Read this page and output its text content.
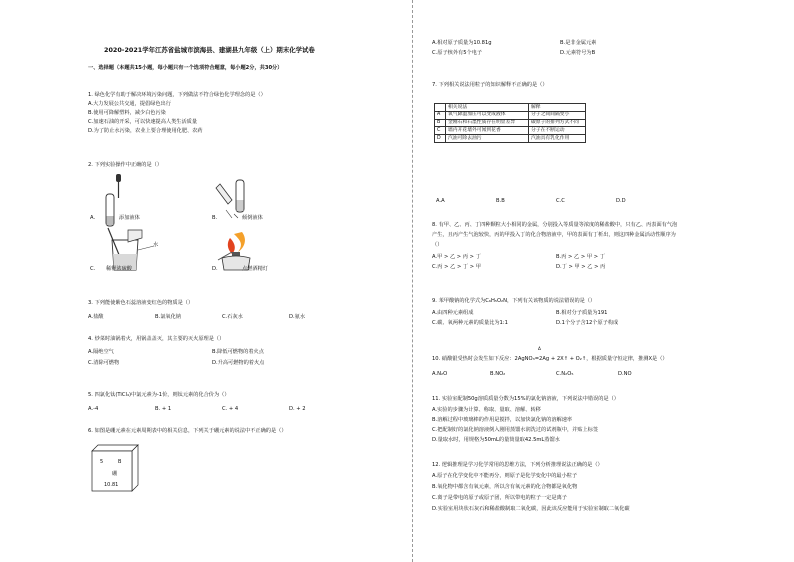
2020-2021学年江苏省盐城市滨海县、建湖县九年级（上）期末化学试卷
一、选择题（本题共15小题，每小题只有一个选项符合题意，每小题2分，共30分）
1. 绿色化学有助于解决环境污染问题，下列做法不符合绿色化学理念的是（）
A.大力发展公共交通，提倡绿色出行
B.使用可降解塑料，减少白色污染
C.加速石油的开采，可以快速提高人类生活质量
D.为了防止水污染，农业上要合理使用化肥、农药
2. 下列实验操作中正确的是（）
A.	添加液体	B.	倾倒液体
水
C. 稀释浓硫酸	D.	点燃酒精灯
3. 下列能使紫色石蕊溶液变红色的物质是（）
A.盐酸	B.氯氧化钠	C.石灰水	D.氨水
4. 炒菜时油锅着火，用锅盖盖灭，其主要的灭火原理是（）
A.隔绝空气	B.降低可燃物的着火点
C.清除可燃物	D.升高可燃物的着火点
5. 四氯化钛(TiCl₄)中氯元素为-1价，则钛元素的化合价为（）
A.-4	B. + 1	C. + 4	D. + 2
6. 如图是硼元素在元素周期表中的相关信息，下列关于硼元素的说法中不正确的是（）
5	B
硼
10.81
A.相对原子质量为10.81g	B.是非金属元素
C.原子核外有5个电子	D.元素符号为B
7. 下列相关说法用粒子的知识解释不正确的是（）
	相关说法	解释
A	氧气降温加压可以变成液体	分子之间间隔变小
B	金刚石和石墨性质存在明显差异	碳原子的排列方式不同
C	墙内开花墙外可闻到花香	分子在不断运动
D	汽油可除去油污	汽油具有乳化作用
A.A	B.B	C.C	D.D
8. 有甲、乙、丙、丁四种颗粒大小相同的金属，分别投入等质量等浓度的稀盐酸中，只有乙、丙表面有气泡
产生，且丙产生气泡较快，丙的甲投入丁的化合物溶液中，甲的表面有丁析出，则这四种金属活动性顺序为
（）
A.甲 > 乙 > 丙 > 丁	B.丙 > 乙 > 甲 > 丁
C.丙 > 乙 > 丁 > 甲	D.丁 > 甲 > 乙 > 丙
9. 苯甲酸钠的化学式为C₆H₅O₂N，下列有关该物质的说法错误的是（）
A.由四种元素组成	B.相对分子质量为191
C.碳、氧两种元素的质量比为1:1	D.1个分子含12个原子构成
Δ
10. 硝酸银受热时会发生如下反应：2AgNO₃=2Ag + 2X↑ + O₂↑，根据质量守恒定律，推测X是（）
A.N₂O	B.NO₂	C.N₂O₅	D.NO
11. 实验室配制50g溶质质量分数为15%的氯化钠溶液，下列说法中错误的是（）
A.实验的步骤为计算、称取、量取、溶解、转移
B.溶解过程中玻璃棒的作用是搅拌，以加快氯化钠的溶解速率
C.把配制好的氯化钠溶液倒入刚用蒸馏水润洗过的试剂瓶中，并贴上标签
D.量取水时，用规格为50mL的量筒量取42.5mL蒸馏水
12. 逻辑推理是学习化学常用的思维方法，下列分析推理说法正确的是（）
A.原子在化学变化中不能再分，则原子是化学变化中的最小粒子
B.氧化物中都含有氧元素，所以含有氧元素的化合物都是氧化物
C.离子是带电的原子或原子团，所以带电的粒子一定是离子
D.实验室用块状石灰石和稀盐酸制取二氧化碳，因此该反应能用于实验室制取二氧化碳
